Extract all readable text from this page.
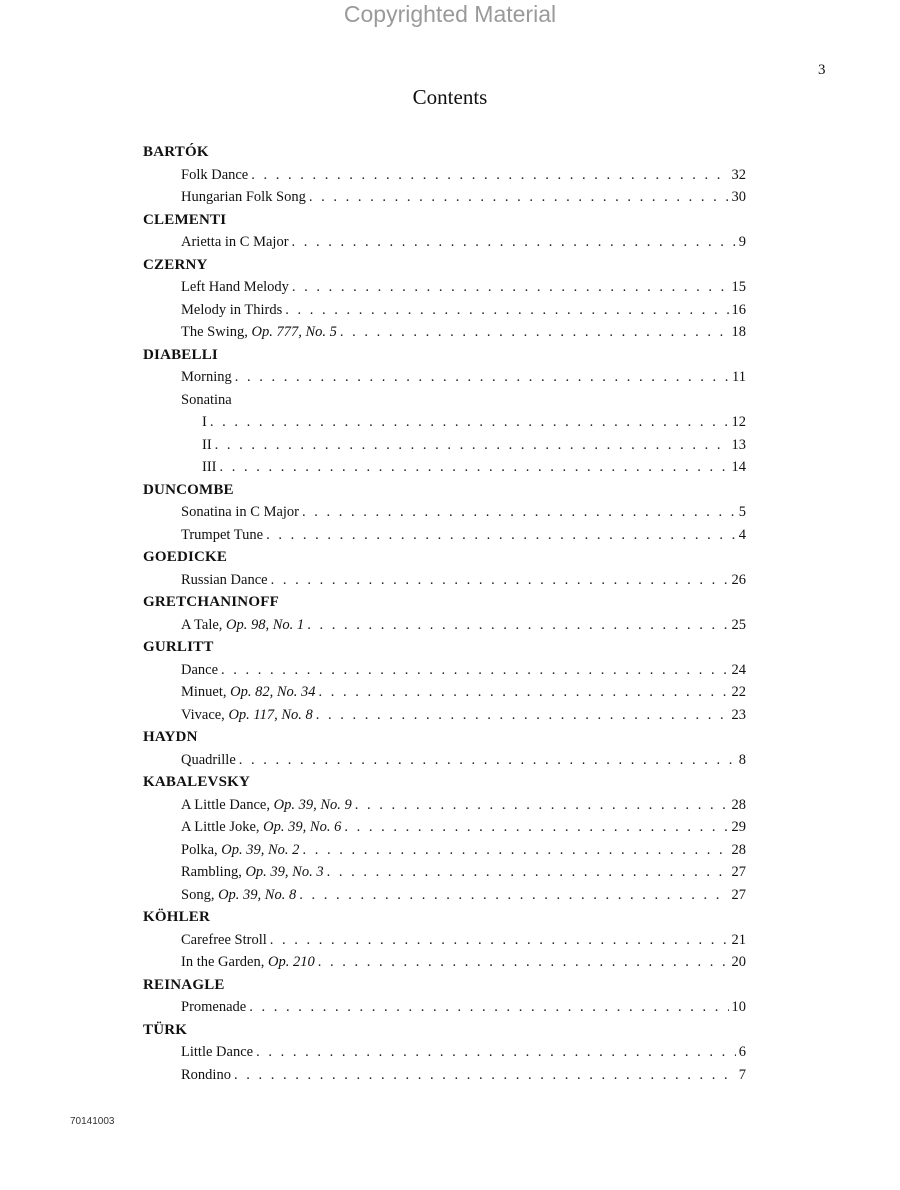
Copyrighted Material
3
Contents
BARTÓK
Folk Dance . . .	32
Hungarian Folk Song . . .	30
CLEMENTI
Arietta in C Major . . .	9
CZERNY
Left Hand Melody . . .	15
Melody in Thirds . . .	16
The Swing, Op. 777, No. 5 . . .	18
DIABELLI
Morning . . .	11
Sonatina
I . . .	12
II . . .	13
III . . .	14
DUNCOMBE
Sonatina in C Major . . .	5
Trumpet Tune . . .	4
GOEDICKE
Russian Dance . . .	26
GRETCHANINOFF
A Tale, Op. 98, No. 1 . . .	25
GURLITT
Dance . . .	24
Minuet, Op. 82, No. 34 . . .	22
Vivace, Op. 117, No. 8 . . .	23
HAYDN
Quadrille . . .	8
KABALEVSKY
A Little Dance, Op. 39, No. 9 . . .	28
A Little Joke, Op. 39, No. 6 . . .	29
Polka, Op. 39, No. 2 . . .	28
Rambling, Op. 39, No. 3 . . .	27
Song, Op. 39, No. 8 . . .	27
KÖHLER
Carefree Stroll . . .	21
In the Garden, Op. 210 . . .	20
REINAGLE
Promenade . . .	10
TÜRK
Little Dance . . .	6
Rondino . . .	7
70141003
